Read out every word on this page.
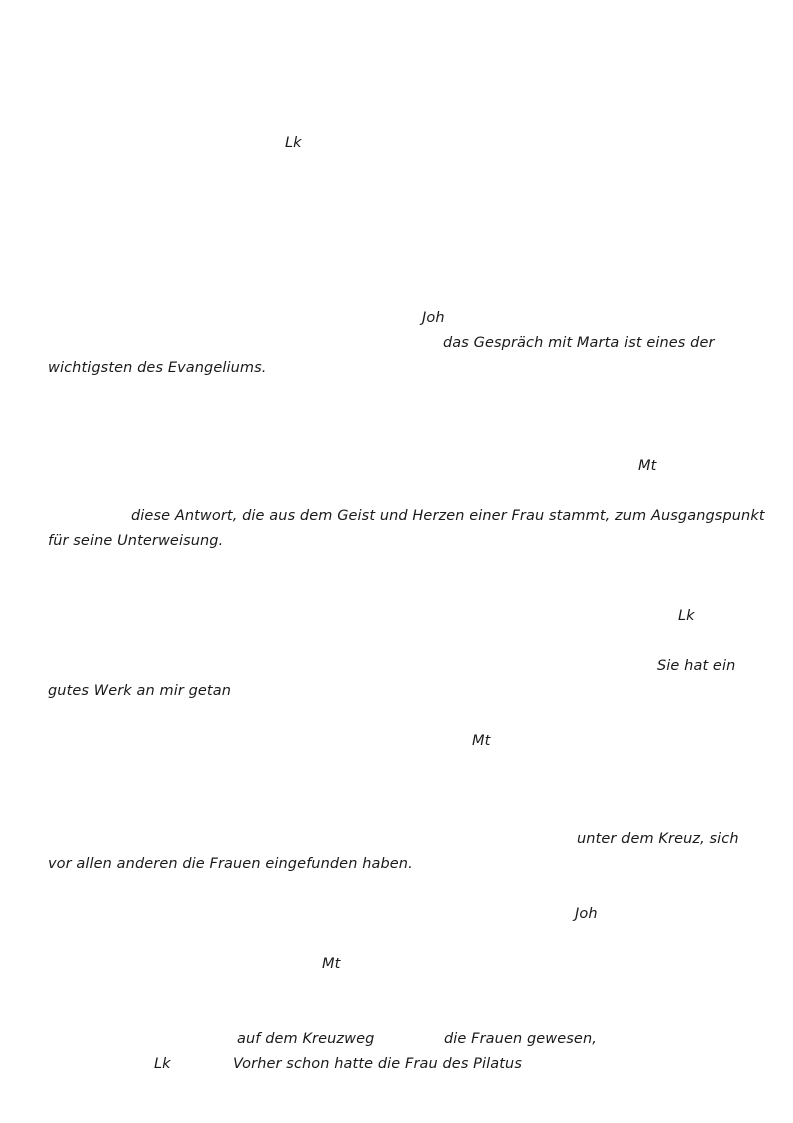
Lk
Joh
das Gespräch mit Marta ist eines der
wichtigsten des Evangeliums.
Mt
diese Antwort, die aus dem Geist und Herzen einer Frau stammt, zum Ausgangspunkt
für seine Unterweisung.
Lk
Sie hat ein
gutes Werk an mir getan
Mt
unter dem Kreuz, sich
vor allen anderen die Frauen eingefunden haben.
Joh
Mt
auf dem Kreuzweg	die Frauen gewesen,
Lk	Vorher schon hatte die Frau des Pilatus
